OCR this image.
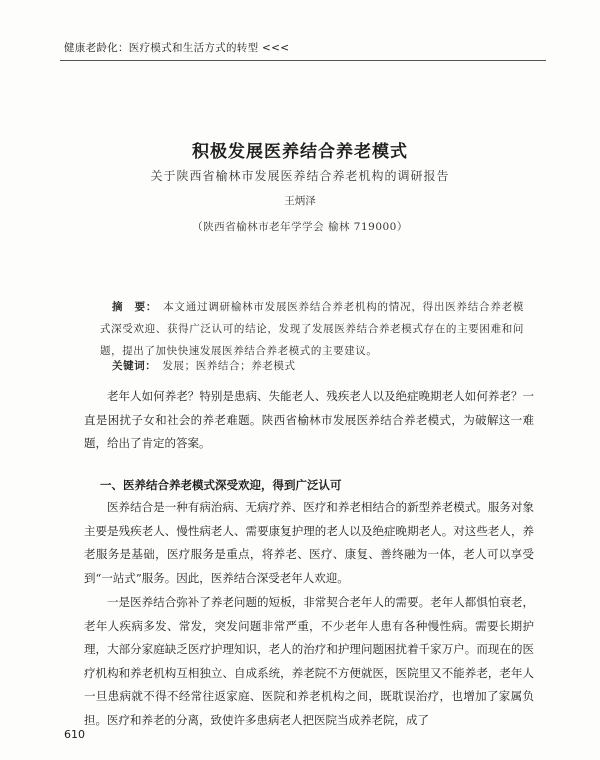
健康老龄化：医疗模式和生活方式的转型 <<<
积极发展医养结合养老模式
关于陕西省榆林市发展医养结合养老机构的调研报告
王炳泽
（陕西省榆林市老年学学会 榆林 719000）
摘　要： 本文通过调研榆林市发展医养结合养老机构的情况，得出医养结合养老模式深受欢迎、获得广泛认可的结论，发现了发展医养结合养老模式存在的主要困难和问题，提出了加快快速发展医养结合养老模式的主要建议。
关键词： 发展；医养结合；养老模式

老年人如何养老？特别是患病、失能老人、残疾老人以及绝症晚期老人如何养老？一直是困扰子女和社会的养老难题。陕西省榆林市发展医养结合养老模式，为破解这一难题，给出了肯定的答案。

一、医养结合养老模式深受欢迎，得到广泛认可

医养结合是一种有病治病、无病疗养、医疗和养老相结合的新型养老模式。服务对象主要是残疾老人、慢性病老人、需要康复护理的老人以及绝症晚期老人。对这些老人，养老服务是基础，医疗服务是重点，将养老、医疗、康复、善终融为一体，老人可以享受到“一站式”服务。因此，医养结合深受老年人欢迎。

一是医养结合弥补了养老问题的短板，非常契合老年人的需要。老年人都惧怕衰老，老年人疾病多发、常发，突发问题非常严重，不少老年人患有各种慢性病。需要长期护理，大部分家庭缺乏医疗护理知识，老人的治疗和护理问题困扰着千家万户。而现在的医疗机构和养老机构互相独立、自成系统，养老院不方便就医，医院里又不能养老，老年人一旦患病就不得不经常往返家庭、医院和养老机构之间，既耽误治疗，也增加了家属负担。医疗和养老的分离，致使许多患病老人把医院当成养老院，成了

610
